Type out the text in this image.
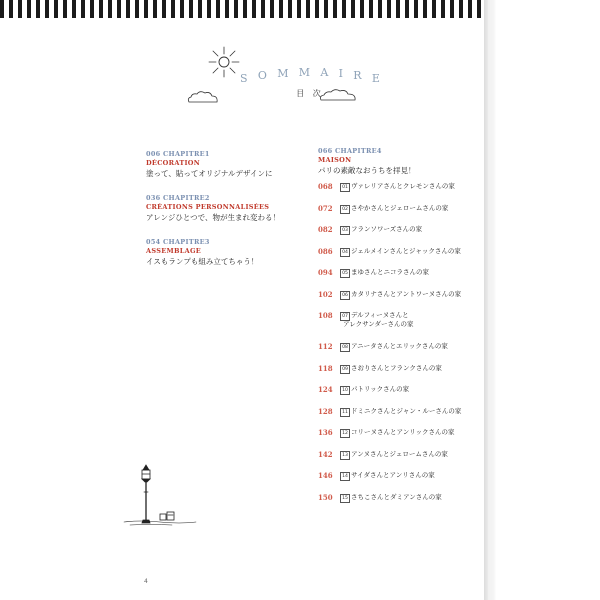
S O M M A I R E
目 次
006 CHAPITRE1
DÉCORATION
塗って、貼ってオリジナルデザインに
036 CHAPITRE2
CRÉATIONS PERSONNALISÉES
アレンジひとつで、物が生まれ変わる！
054 CHAPITRE3
ASSEMBLAGE
イスもランプも組み立てちゃう！
066 CHAPITRE4
MAISON
パリの素敵なおうちを拝見！
068	01 ヴァレリアさんとクレモンさんの家
072	02 さやかさんとジェロームさんの家
082	03 フランソワーズさんの家
086	04 ジェルメインさんとジャックさんの家
094	05 まゆさんとニコラさんの家
102	06 カタリナさんとアントワーヌさんの家
108	07 デルフィーヌさんと
アレクサンダーさんの家
112	08 アニータさんとエリックさんの家
118	09 さおりさんとフランクさんの家
124	10 パトリックさんの家
128	11 ドミニクさんとジャン・ルーさんの家
136	12 コリーヌさんとアンリックさんの家
142	13 アンヌさんとジェロームさんの家
146	14 サイダさんとアンリさんの家
150	15 さちこさんとダミアンさんの家
4
